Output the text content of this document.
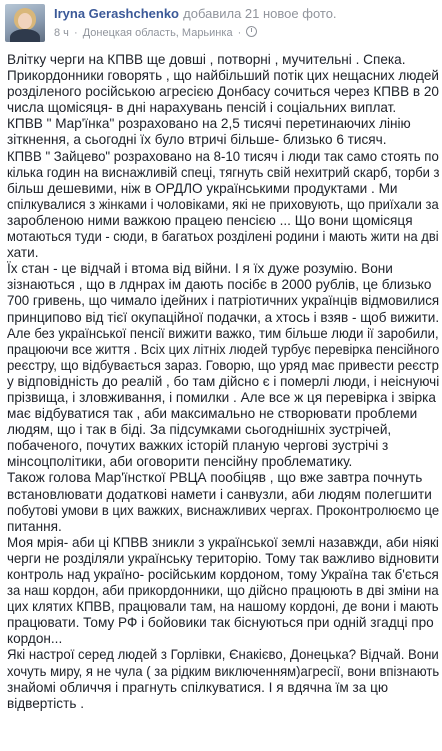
Iryna Gerashchenko добавила 21 новое фото.
8 ч · Донецкая область, Марьинка ·
Влітку черги на КПВВ ще довші , потворні , мучительні . Спека.
Прикордонники говорять , що найбільший потік цих нещасних людей
розділеного російською агресією Донбасу сочиться через КПВВ в 20
числа щомісяця- в дні нарахувань пенсій і соціальних виплат.
КПВВ " Мар'їнка" розраховано на 2,5 тисячі перетинаючих лінію
зіткнення, а сьогодні їх було втричі більше- близько 6 тисяч.
КПВВ " Зайцево" розраховано на 8-10 тисяч і люди так само стоять по
кілька годин на виснажливій спеці, тягнуть свій нехитрий скарб, торби з
більш дешевими, ніж в ОРДЛО українськими продуктами . Ми
спілкувалися з жінками і чоловіками, які не приховують, що приїхали за
заробленою ними важкою працею пенсією ... Що вони щомісяця
мотаються туди - сюди, в багатьох розділені родини і мають жити на дві
хати.
Їх стан - це відчай і втома від війни. І я їх дуже розумію. Вони
зізнаються , що в лднрах ім дають посібє в 2000 рублів, це близько
700 гривень, що чимало ідейних і патріотичних українців відмовилися
принципово від тієї окупаційної подачки, а хтось і взяв - щоб вижити.
Але без української пенсії вижити важко, тим більше люди ії заробили,
працюючи все життя . Всіх цих літніх людей турбує перевірка пенсійного
реєстру, що відбувається зараз. Говорю, що уряд має привести реєстр
у відповідність до реалій , бо там дійсно є і померлі люди, і неіснуючі
прізвища, і зловживання, і помилки . Але все ж ця перевірка і звірка
має відбуватися так , аби максимально не створювати проблеми
людям, що і так в біді. За підсумками сьогоднішніх зустрічей,
побаченого, почутих важких історій планую чергові зустрічі з
мінсоцполітики, аби оговорити пенсійну проблематику.
Також голова Мар'їнсткої РВЦА пообіцяв , що вже завтра почнуть
встановлювати додаткові намети і санвузли, аби людям полегшити
побутові умови в цих важких, виснажливих чергах. Проконтролюємо це
питання.
Моя мрія- аби ці КПВВ зникли з української землі назавжди, аби ніякі
черги не розділяли українську територію. Тому так важливо відновити
контроль над україно- російським кордоном, тому Україна так б'ється
за наш кордон, аби прикордонники, що дійсно працюють в дві зміни на
цих клятих КПВВ, працювали там, на нашому кордоні, де вони і мають
працювати. Тому РФ і бойовики так біснуються при одній згадці про
кордон...
Які настрої серед людей з Горлівки, Єнакієво, Донецька? Відчай. Вони
хочуть миру, я не чула ( за рідким виключенням)агресії, вони впізнають
знайомі обличчя і прагнуть спілкуватися. І я вдячна їм за цю
відвертість .
